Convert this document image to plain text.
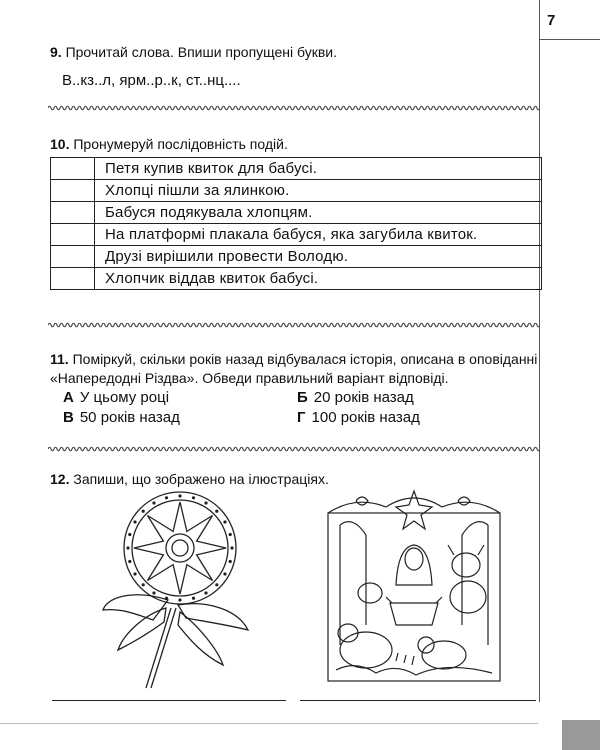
7
9. Прочитай слова. Впиши пропущені букви.
В..кз..л, ярм..р..к, ст..нц....
10. Пронумеруй послідовність подій.
	Петя купив квиток для бабусі.
	Хлопці пішли за ялинкою.
	Бабуся подякувала хлопцям.
	На платформі плакала бабуся, яка загубила квиток.
	Друзі вирішили провести Володю.
	Хлопчик віддав квиток бабусі.
11. Поміркуй, скільки років назад відбувалася історія, описана в оповіданні «Напередодні Різдва». Обведи правильний варіант відповіді.
А У цьому році	Б 20 років назад
В 50 років назад	Г 100 років назад
12. Запиши, що зображено на ілюстраціях.
